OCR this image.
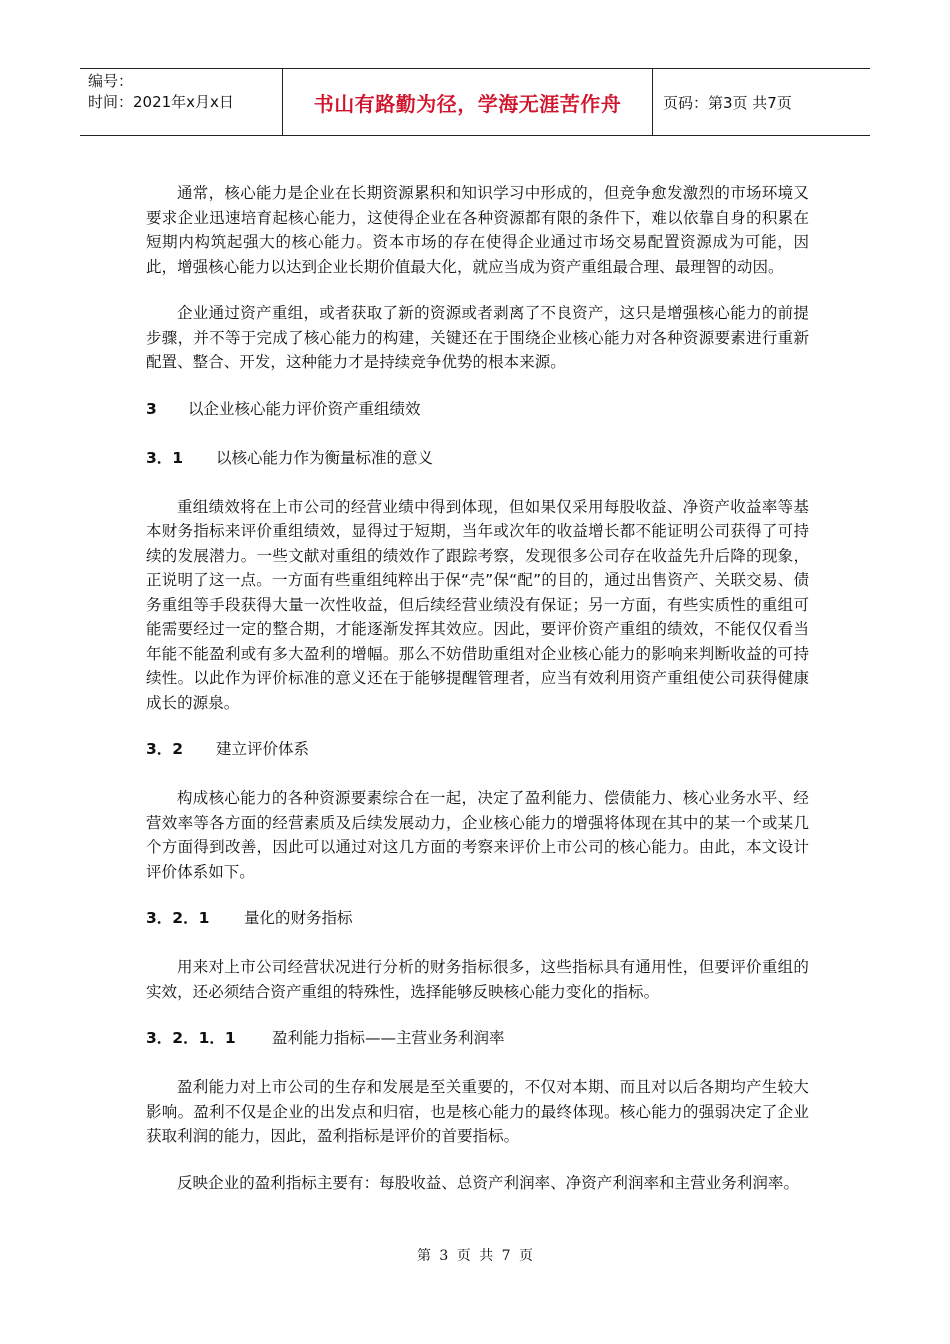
编号：
时间：2021年x月x日	书山有路勤为径，学海无涯苦作舟	页码：第3页 共7页

通常，核心能力是企业在长期资源累积和知识学习中形成的，但竞争愈发激烈的市场环境又要求企业迅速培育起核心能力，这使得企业在各种资源都有限的条件下，难以依靠自身的积累在短期内构筑起强大的核心能力。资本市场的存在使得企业通过市场交易配置资源成为可能，因此，增强核心能力以达到企业长期价值最大化，就应当成为资产重组最合理、最理智的动因。

企业通过资产重组，或者获取了新的资源或者剥离了不良资产，这只是增强核心能力的前提步骤，并不等于完成了核心能力的构建，关键还在于围绕企业核心能力对各种资源要素进行重新配置、整合、开发，这种能力才是持续竞争优势的根本来源。

3	以企业核心能力评价资产重组绩效
3．1	以核心能力作为衡量标准的意义

重组绩效将在上市公司的经营业绩中得到体现，但如果仅采用每股收益、净资产收益率等基本财务指标来评价重组绩效，显得过于短期，当年或次年的收益增长都不能证明公司获得了可持续的发展潜力。一些文献对重组的绩效作了跟踪考察，发现很多公司存在收益先升后降的现象，正说明了这一点。一方面有些重组纯粹出于保“壳”保“配”的目的，通过出售资产、关联交易、债务重组等手段获得大量一次性收益，但后续经营业绩没有保证；另一方面，有些实质性的重组可能需要经过一定的整合期，才能逐渐发挥其效应。因此，要评价资产重组的绩效，不能仅仅看当年能不能盈利或有多大盈利的增幅。那么不妨借助重组对企业核心能力的影响来判断收益的可持续性。以此作为评价标准的意义还在于能够提醒管理者，应当有效利用资产重组使公司获得健康成长的源泉。

3．2	建立评价体系

构成核心能力的各种资源要素综合在一起，决定了盈利能力、偿债能力、核心业务水平、经营效率等各方面的经营素质及后续发展动力，企业核心能力的增强将体现在其中的某一个或某几个方面得到改善，因此可以通过对这几方面的考察来评价上市公司的核心能力。由此，本文设计评价体系如下。

3．2．1	量化的财务指标

用来对上市公司经营状况进行分析的财务指标很多，这些指标具有通用性，但要评价重组的实效，还必须结合资产重组的特殊性，选择能够反映核心能力变化的指标。

3．2．1．1	盈利能力指标——主营业务利润率

盈利能力对上市公司的生存和发展是至关重要的，不仅对本期、而且对以后各期均产生较大影响。盈利不仅是企业的出发点和归宿，也是核心能力的最终体现。核心能力的强弱决定了企业获取利润的能力，因此，盈利指标是评价的首要指标。

反映企业的盈利指标主要有：每股收益、总资产利润率、净资产利润率和主营业务利润率。

第 3 页 共 7 页
